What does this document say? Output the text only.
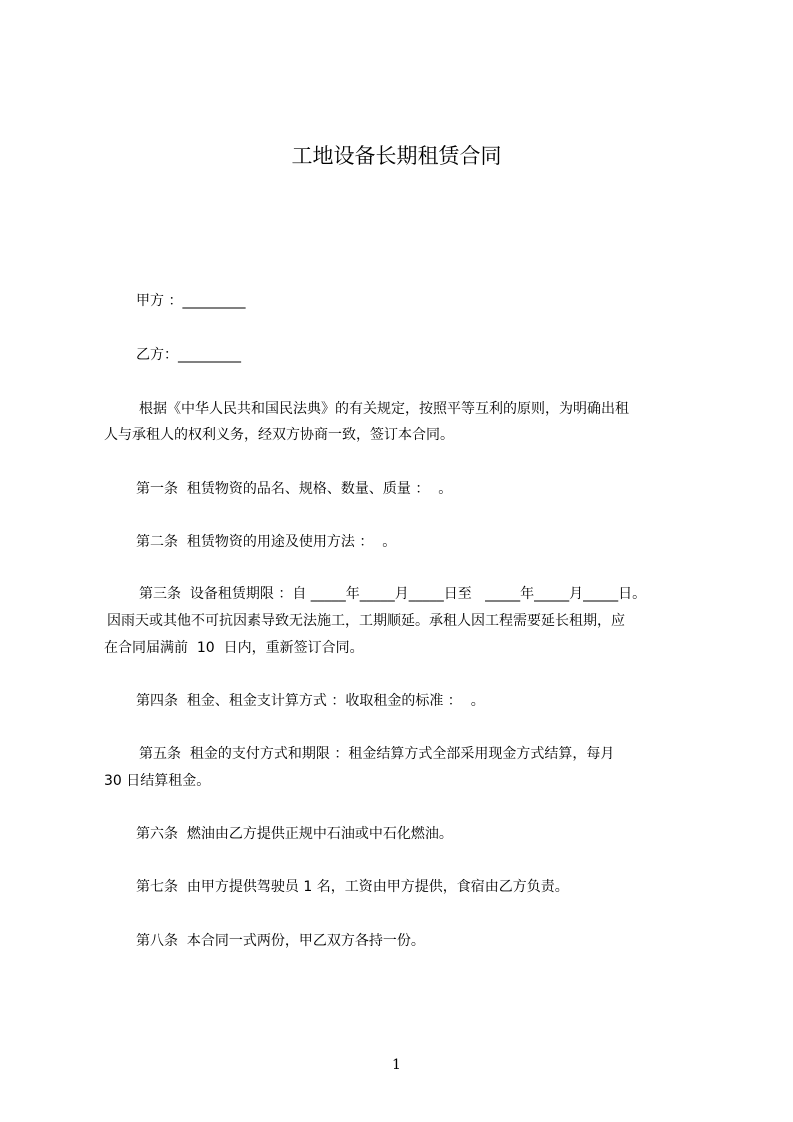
工地设备长期租赁合同

甲方 ：_________

乙方：_________

根据《中华人民共和国民法典》的有关规定，按照平等互利的原则，为明确出租

人与承租人的权利义务，经双方协商一致，签订本合同。

第一条  租赁物资的品名、规格、数量、质量 ：  。

第二条  租赁物资的用途及使用方法 ：  。

第三条  设备租赁期限 ：自 _____年_____月_____日至   _____年_____月_____日。

因雨天或其他不可抗因素导致无法施工，工期顺延。承租人因工程需要延长租期，应

在合同届满前  10  日内，重新签订合同。

第四条  租金、租金支计算方式 ：收取租金的标准 ：  。

第五条  租金的支付方式和期限 ：租金结算方式全部采用现金方式结算，每月

30 日结算租金。

第六条  燃油由乙方提供正规中石油或中石化燃油。

第七条  由甲方提供驾驶员 1 名，工资由甲方提供，食宿由乙方负责。

第八条  本合同一式两份，甲乙双方各持一份。

1
